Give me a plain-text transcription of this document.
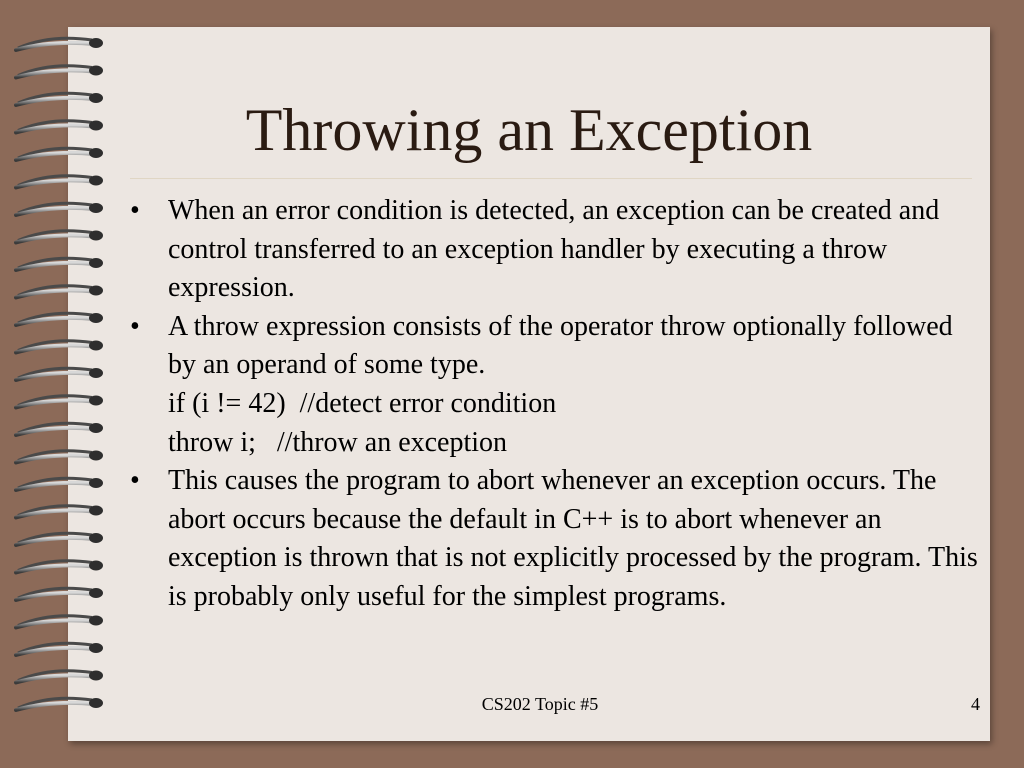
Throwing an Exception
• When an error condition is detected, an exception can be created and control transferred to an exception handler by executing a throw expression.
• A throw expression consists of the operator throw optionally followed by an operand of some type.
if (i != 42)  //detect error condition
throw i;   //throw an exception
• This causes the program to abort whenever an exception occurs. The abort occurs because the default in C++ is to abort whenever an exception is thrown that is not explicitly processed by the program. This is probably only useful for the simplest programs.
CS202 Topic #5	4
